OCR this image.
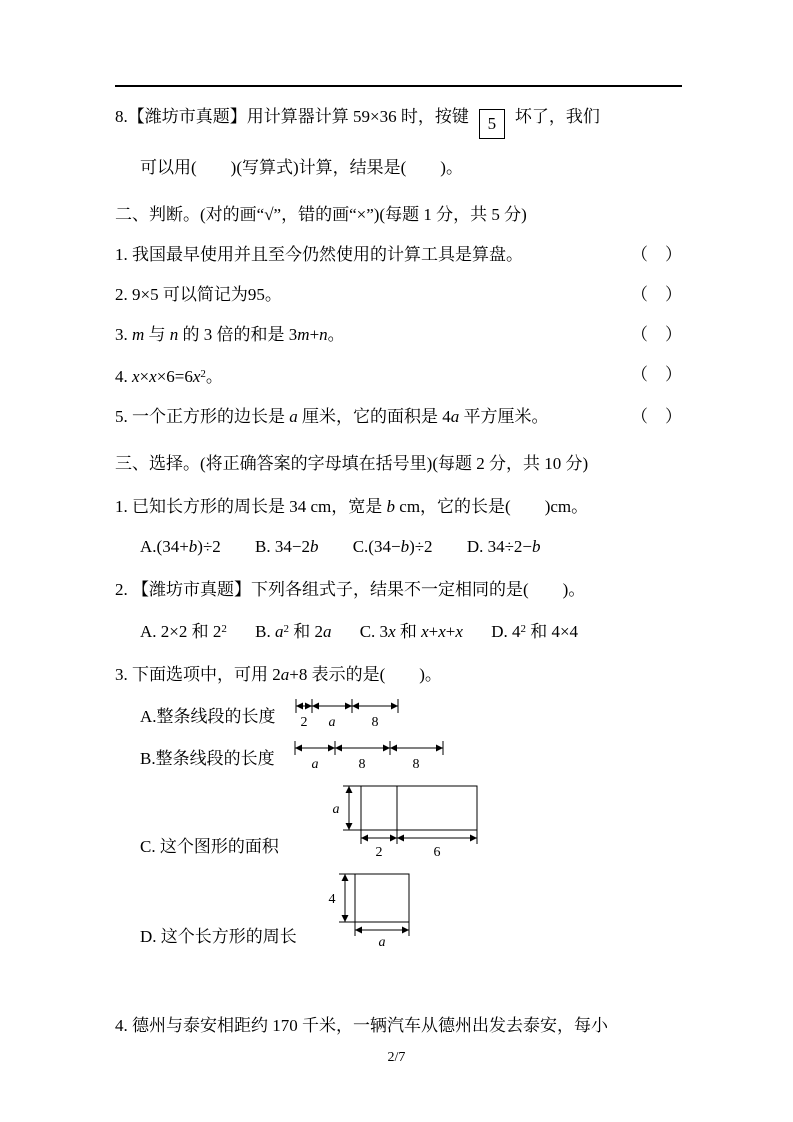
8.【潍坊市真题】用计算器计算 59×36 时，按键 5 坏了，我们
可以用(　　)(写算式)计算，结果是(　　)。
二、判断。(对的画“√”，错的画“×”)(每题 1 分，共 5 分)
1. 我国最早使用并且至今仍然使用的计算工具是算盘。	（　）
2. 9×5 可以简记为95。	（　）
3. m 与 n 的 3 倍的和是 3m+n。	（　）
4. $x\times x\times 6=6x^2$。	（　）
5. 一个正方形的边长是 a 厘米，它的面积是 4a 平方厘米。	（　）
三、选择。(将正确答案的字母填在括号里)(每题 2 分，共 10 分)
1. 已知长方形的周长是 34 cm，宽是 b cm，它的长是(　　)cm。
A.(34+b)÷2 B. 34−2b C.(34−b)÷2 D. 34÷2−b
2. 【潍坊市真题】下列各组式子，结果不一定相同的是(　　)。
A. 2×2 和 $2^2$ B. $a^2$ 和 2a C. 3x 和 x+x+x D. $4^2$ 和 4×4
3. 下面选项中，可用 2a+8 表示的是(　　)。
A.整条线段的长度 2 a	8
B.整条线段的长度	a	8	8
C. 这个图形的面积
a
2	6
D. 这个长方形的周长
4
a
4. 德州与泰安相距约 170 千米，一辆汽车从德州出发去泰安，每小
2/7
